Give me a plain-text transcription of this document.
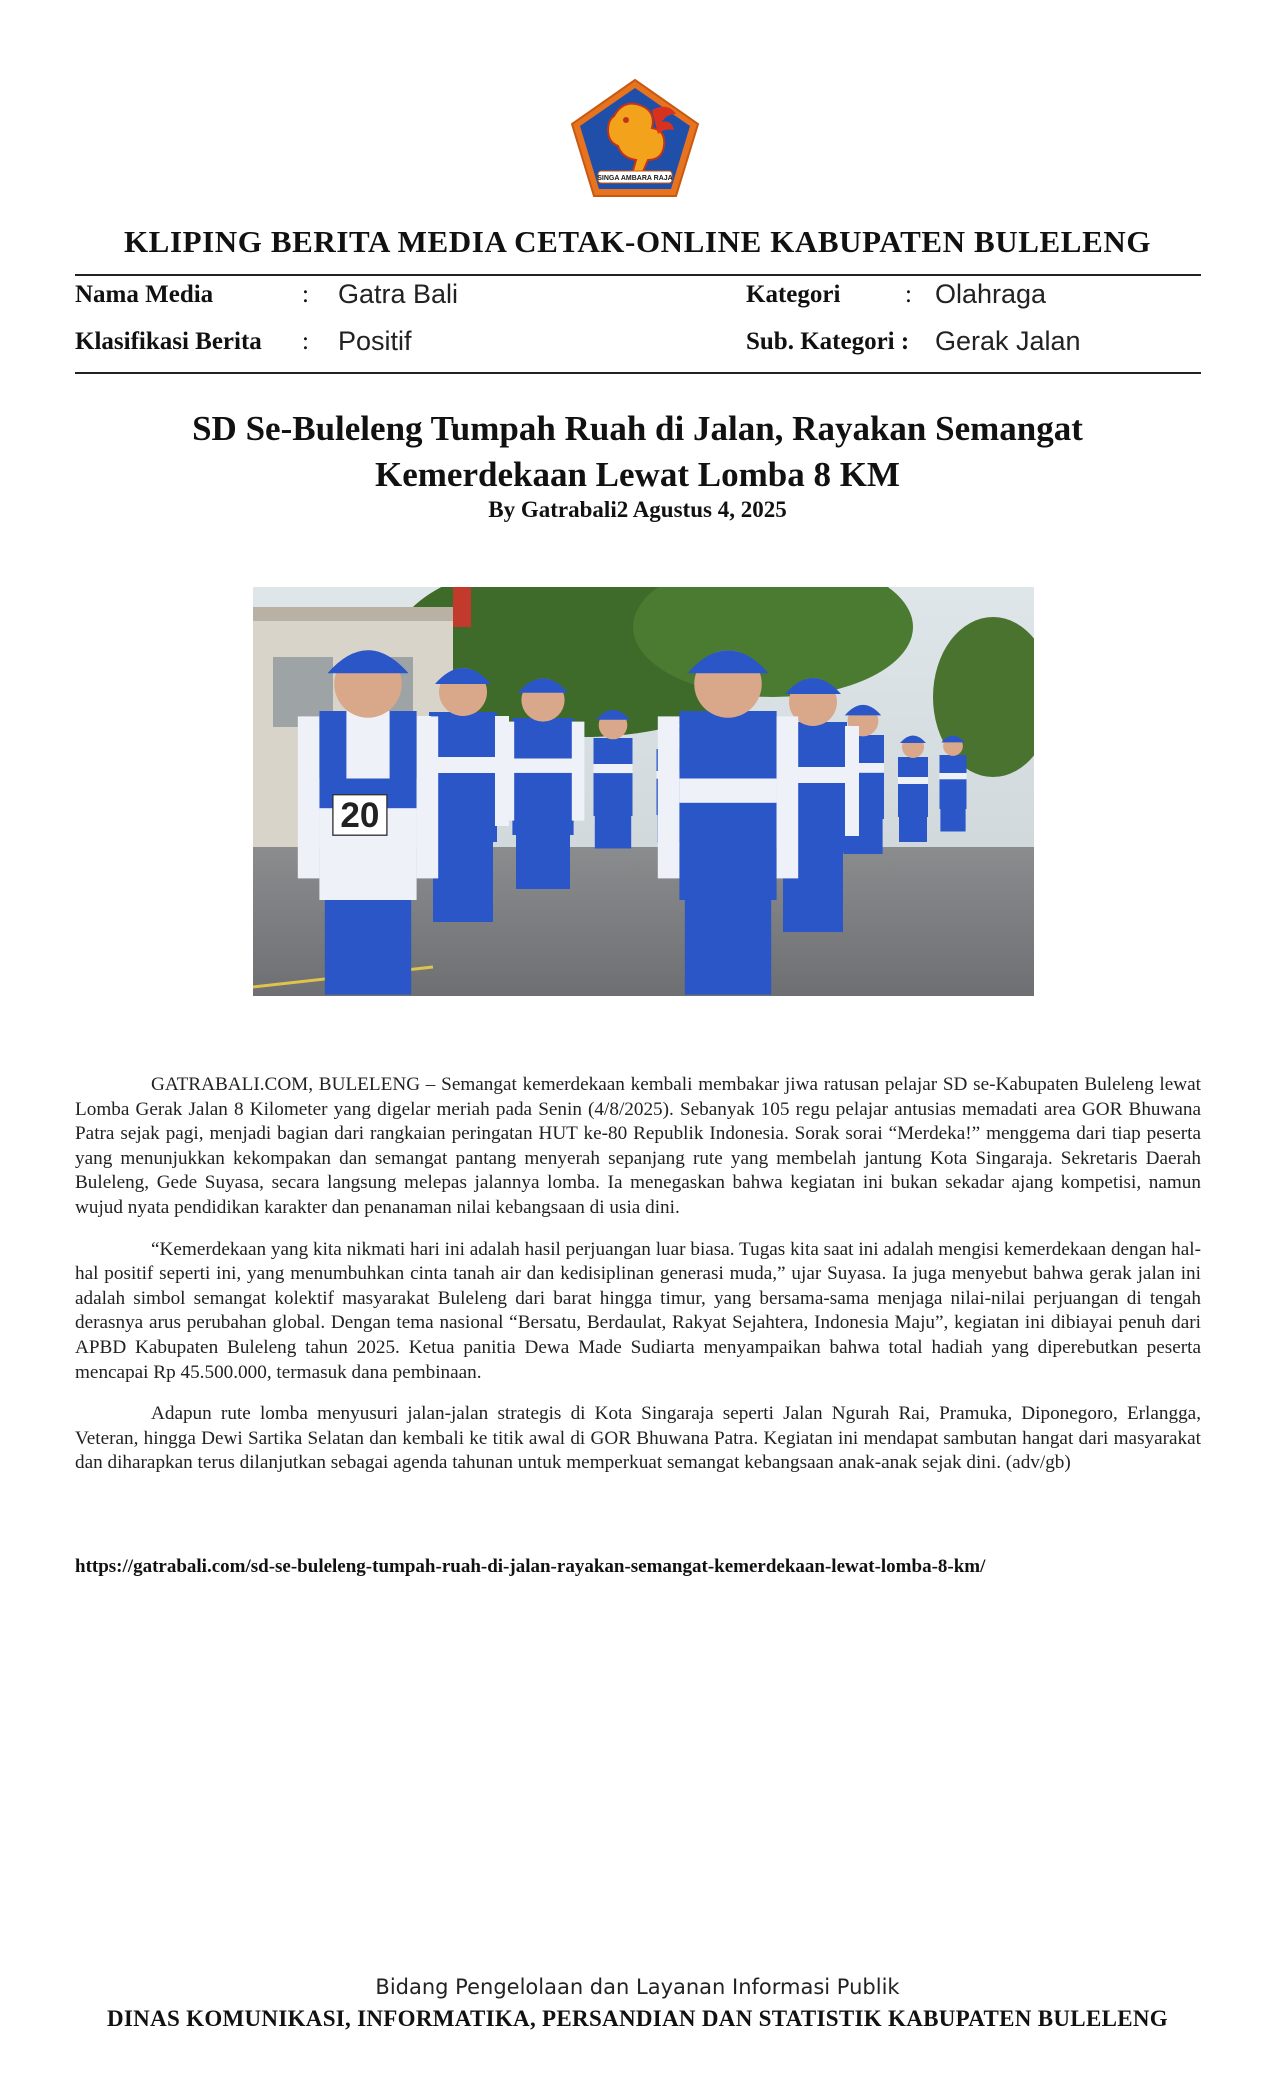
SINGA AMBARA RAJA
KLIPING BERITA MEDIA CETAK-ONLINE KABUPATEN BULELENG
Nama Media	: Gatra Bali	Kategori	: Olahraga
Klasifikasi Berita : Positif	Sub. Kategori : Gerak Jalan
SD Se-Buleleng Tumpah Ruah di Jalan, Rayakan Semangat
Kemerdekaan Lewat Lomba 8 KM
By Gatrabali2 Agustus 4, 2025
20

GATRABALI.COM, BULELENG – Semangat kemerdekaan kembali membakar jiwa ratusan pelajar SD se-Kabupaten Buleleng lewat Lomba Gerak Jalan 8 Kilometer yang digelar meriah pada Senin (4/8/2025). Sebanyak 105 regu pelajar antusias memadati area GOR Bhuwana Patra sejak pagi, menjadi bagian dari rangkaian peringatan HUT ke-80 Republik Indonesia. Sorak sorai “Merdeka!” menggema dari tiap peserta yang menunjukkan kekompakan dan semangat pantang menyerah sepanjang rute yang membelah jantung Kota Singaraja. Sekretaris Daerah Buleleng, Gede Suyasa, secara langsung melepas jalannya lomba. Ia menegaskan bahwa kegiatan ini bukan sekadar ajang kompetisi, namun wujud nyata pendidikan karakter dan penanaman nilai kebangsaan di usia dini.

“Kemerdekaan yang kita nikmati hari ini adalah hasil perjuangan luar biasa. Tugas kita saat ini adalah mengisi kemerdekaan dengan hal-hal positif seperti ini, yang menumbuhkan cinta tanah air dan kedisiplinan generasi muda,” ujar Suyasa. Ia juga menyebut bahwa gerak jalan ini adalah simbol semangat kolektif masyarakat Buleleng dari barat hingga timur, yang bersama-sama menjaga nilai-nilai perjuangan di tengah derasnya arus perubahan global. Dengan tema nasional “Bersatu, Berdaulat, Rakyat Sejahtera, Indonesia Maju”, kegiatan ini dibiayai penuh dari APBD Kabupaten Buleleng tahun 2025. Ketua panitia Dewa Made Sudiarta menyampaikan bahwa total hadiah yang diperebutkan peserta mencapai Rp 45.500.000, termasuk dana pembinaan.

Adapun rute lomba menyusuri jalan-jalan strategis di Kota Singaraja seperti Jalan Ngurah Rai, Pramuka, Diponegoro, Erlangga, Veteran, hingga Dewi Sartika Selatan dan kembali ke titik awal di GOR Bhuwana Patra. Kegiatan ini mendapat sambutan hangat dari masyarakat dan diharapkan terus dilanjutkan sebagai agenda tahunan untuk memperkuat semangat kebangsaan anak-anak sejak dini. (adv/gb)

https://gatrabali.com/sd-se-buleleng-tumpah-ruah-di-jalan-rayakan-semangat-kemerdekaan-lewat-lomba-8-km/
Bidang Pengelolaan dan Layanan Informasi Publik
DINAS KOMUNIKASI, INFORMATIKA, PERSANDIAN DAN STATISTIK KABUPATEN BULELENG
